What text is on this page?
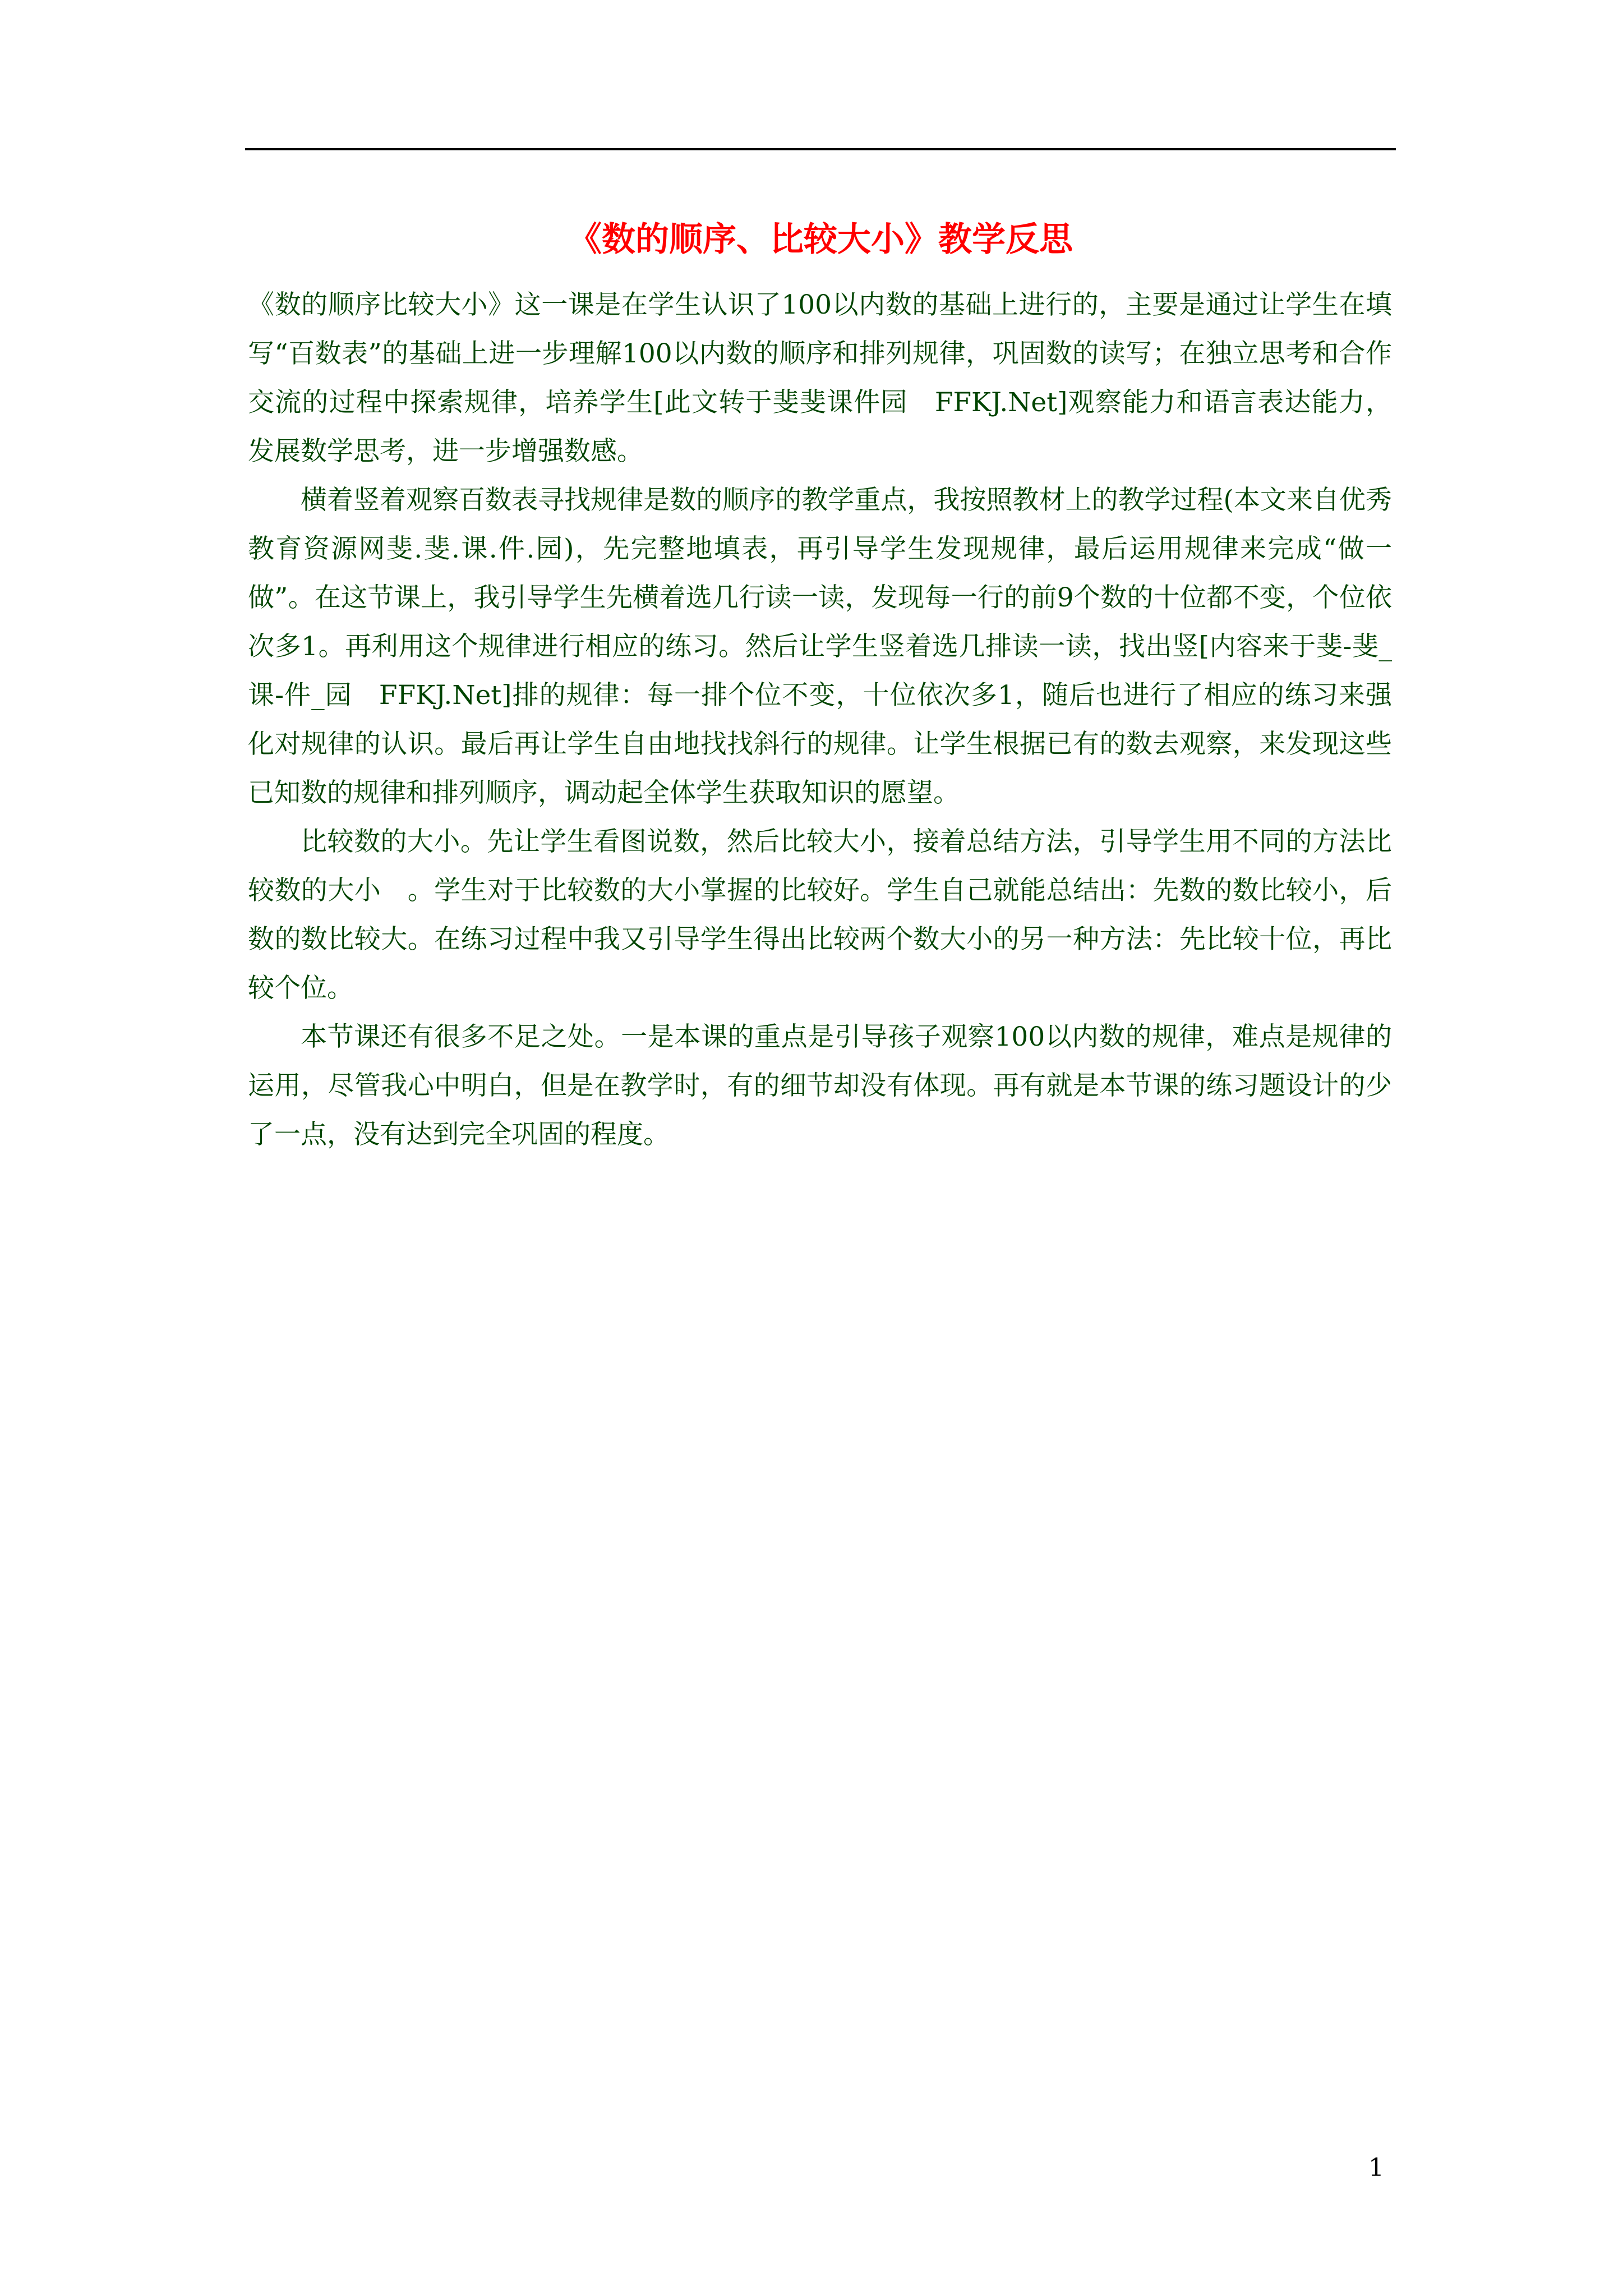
《数的顺序、比较大小》教学反思

《数的顺序比较大小》这一课是在学生认识了100以内数的基础上进行的，主要是通过让学生在填写“百数表”的基础上进一步理解100以内数的顺序和排列规律，巩固数的读写；在独立思考和合作交流的过程中探索规律，培养学生[此文转于斐斐课件园　FFKJ.Net]观察能力和语言表达能力，发展数学思考，进一步增强数感。

横着竖着观察百数表寻找规律是数的顺序的教学重点，我按照教材上的教学过程(本文来自优秀教育资源网斐.斐.课.件.园)，先完整地填表，再引导学生发现规律，最后运用规律来完成“做一做”。在这节课上，我引导学生先横着选几行读一读，发现每一行的前9个数的十位都不变，个位依次多1。再利用这个规律进行相应的练习。然后让学生竖着选几排读一读，找出竖[内容来于斐-斐_课-件_园　FFKJ.Net]排的规律：每一排个位不变，十位依次多1，随后也进行了相应的练习来强化对规律的认识。最后再让学生自由地找找斜行的规律。让学生根据已有的数去观察，来发现这些已知数的规律和排列顺序，调动起全体学生获取知识的愿望。

比较数的大小。先让学生看图说数，然后比较大小，接着总结方法，引导学生用不同的方法比较数的大小　。学生对于比较数的大小掌握的比较好。学生自己就能总结出：先数的数比较小，后数的数比较大。在练习过程中我又引导学生得出比较两个数大小的另一种方法：先比较十位，再比较个位。

本节课还有很多不足之处。一是本课的重点是引导孩子观察100以内数的规律，难点是规律的运用，尽管我心中明白，但是在教学时，有的细节却没有体现。再有就是本节课的练习题设计的少了一点，没有达到完全巩固的程度。

1
